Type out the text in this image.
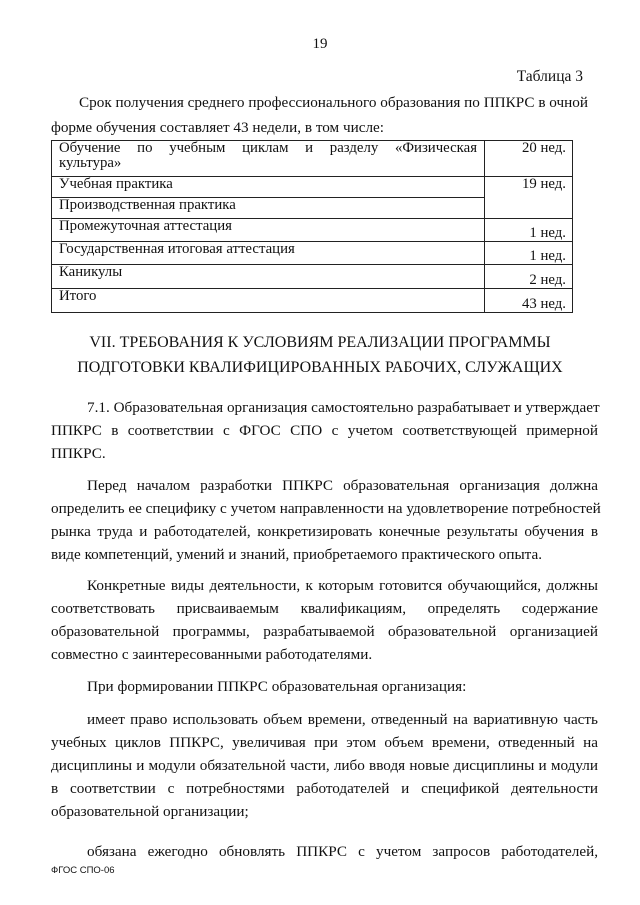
19
Таблица 3
Срок получения среднего профессионального образования по ППКРС в очной
форме обучения составляет 43 недели, в том числе:
Обучение по учебным циклам и разделу «Физическая
культура»	20 нед.
Учебная практика	19 нед.
Производственная практика	
Промежуточная аттестация	1 нед.
Государственная итоговая аттестация	1 нед.
Каникулы	2 нед.
Итого	43 нед.
VII. ТРЕБОВАНИЯ К УСЛОВИЯМ РЕАЛИЗАЦИИ ПРОГРАММЫ
ПОДГОТОВКИ КВАЛИФИЦИРОВАННЫХ РАБОЧИХ, СЛУЖАЩИХ
7.1. Образовательная организация самостоятельно разрабатывает и утверждает
ППКРС в соответствии с ФГОС СПО с учетом соответствующей примерной
ППКРС.
Перед началом разработки ППКРС образовательная организация должна
определить ее специфику с учетом направленности на удовлетворение потребностей
рынка труда и работодателей, конкретизировать конечные результаты обучения в
виде компетенций, умений и знаний, приобретаемого практического опыта.
Конкретные виды деятельности, к которым готовится обучающийся, должны
соответствовать присваиваемым квалификациям, определять содержание
образовательной программы, разрабатываемой образовательной организацией
совместно с заинтересованными работодателями.
При формировании ППКРС образовательная организация:
имеет право использовать объем времени, отведенный на вариативную часть
учебных циклов ППКРС, увеличивая при этом объем времени, отведенный на
дисциплины и модули обязательной части, либо вводя новые дисциплины и модули
в соответствии с потребностями работодателей и спецификой деятельности
образовательной организации;
обязана ежегодно обновлять ППКРС с учетом запросов работодателей,
ФГОС СПО-06
